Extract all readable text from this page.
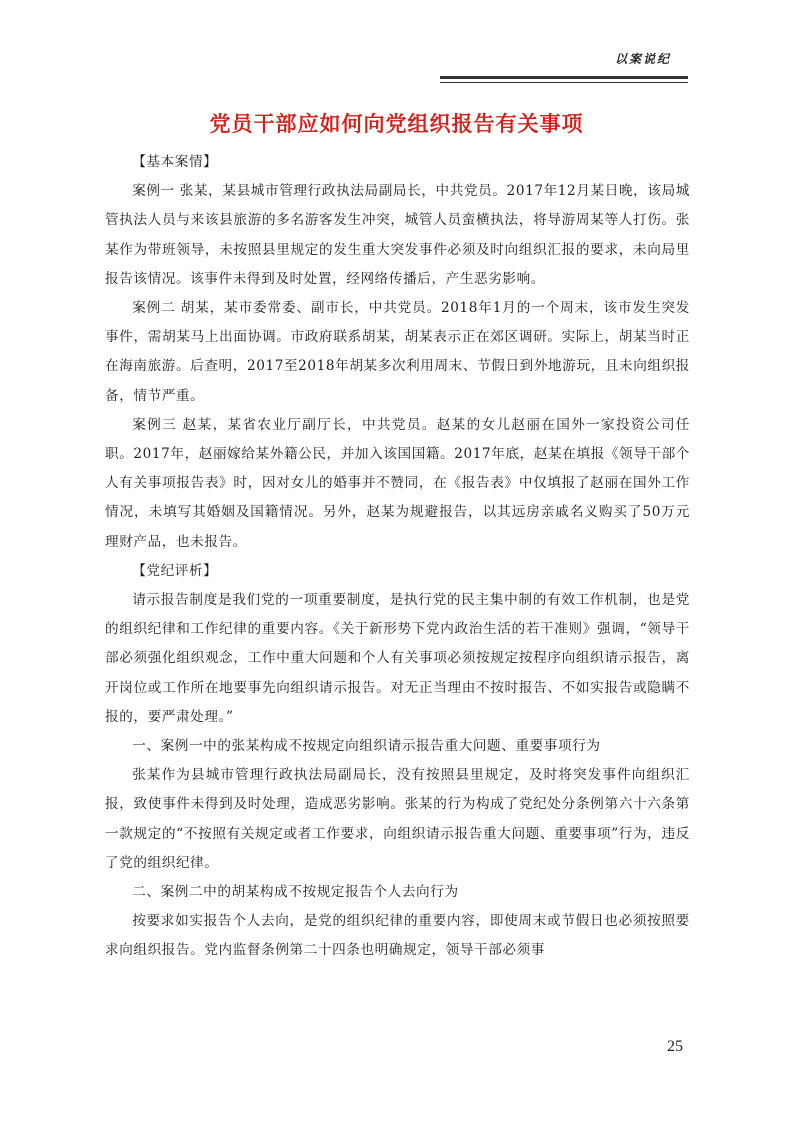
以案说纪
党员干部应如何向党组织报告有关事项

【基本案情】

案例一 张某，某县城市管理行政执法局副局长，中共党员。2017年12月某日晚，该局城管执法人员与来该县旅游的多名游客发生冲突，城管人员蛮横执法，将导游周某等人打伤。张某作为带班领导，未按照县里规定的发生重大突发事件必须及时向组织汇报的要求，未向局里报告该情况。该事件未得到及时处置，经网络传播后，产生恶劣影响。

案例二 胡某，某市委常委、副市长，中共党员。2018年1月的一个周末，该市发生突发事件，需胡某马上出面协调。市政府联系胡某，胡某表示正在郊区调研。实际上，胡某当时正在海南旅游。后查明，2017至2018年胡某多次利用周末、节假日到外地游玩，且未向组织报备，情节严重。

案例三 赵某，某省农业厅副厅长，中共党员。赵某的女儿赵丽在国外一家投资公司任职。2017年，赵丽嫁给某外籍公民，并加入该国国籍。2017年底，赵某在填报《领导干部个人有关事项报告表》时，因对女儿的婚事并不赞同，在《报告表》中仅填报了赵丽在国外工作情况，未填写其婚姻及国籍情况。另外，赵某为规避报告，以其远房亲戚名义购买了50万元理财产品，也未报告。

【党纪评析】

请示报告制度是我们党的一项重要制度，是执行党的民主集中制的有效工作机制，也是党的组织纪律和工作纪律的重要内容。《关于新形势下党内政治生活的若干准则》强调，“领导干部必须强化组织观念，工作中重大问题和个人有关事项必须按规定按程序向组织请示报告，离开岗位或工作所在地要事先向组织请示报告。对无正当理由不按时报告、不如实报告或隐瞒不报的，要严肃处理。”

一、案例一中的张某构成不按规定向组织请示报告重大问题、重要事项行为

张某作为县城市管理行政执法局副局长，没有按照县里规定，及时将突发事件向组织汇报，致使事件未得到及时处理，造成恶劣影响。张某的行为构成了党纪处分条例第六十六条第一款规定的“不按照有关规定或者工作要求，向组织请示报告重大问题、重要事项”行为，违反了党的组织纪律。

二、案例二中的胡某构成不按规定报告个人去向行为

按要求如实报告个人去向，是党的组织纪律的重要内容，即使周末或节假日也必须按照要求向组织报告。党内监督条例第二十四条也明确规定，领导干部必须事

25
